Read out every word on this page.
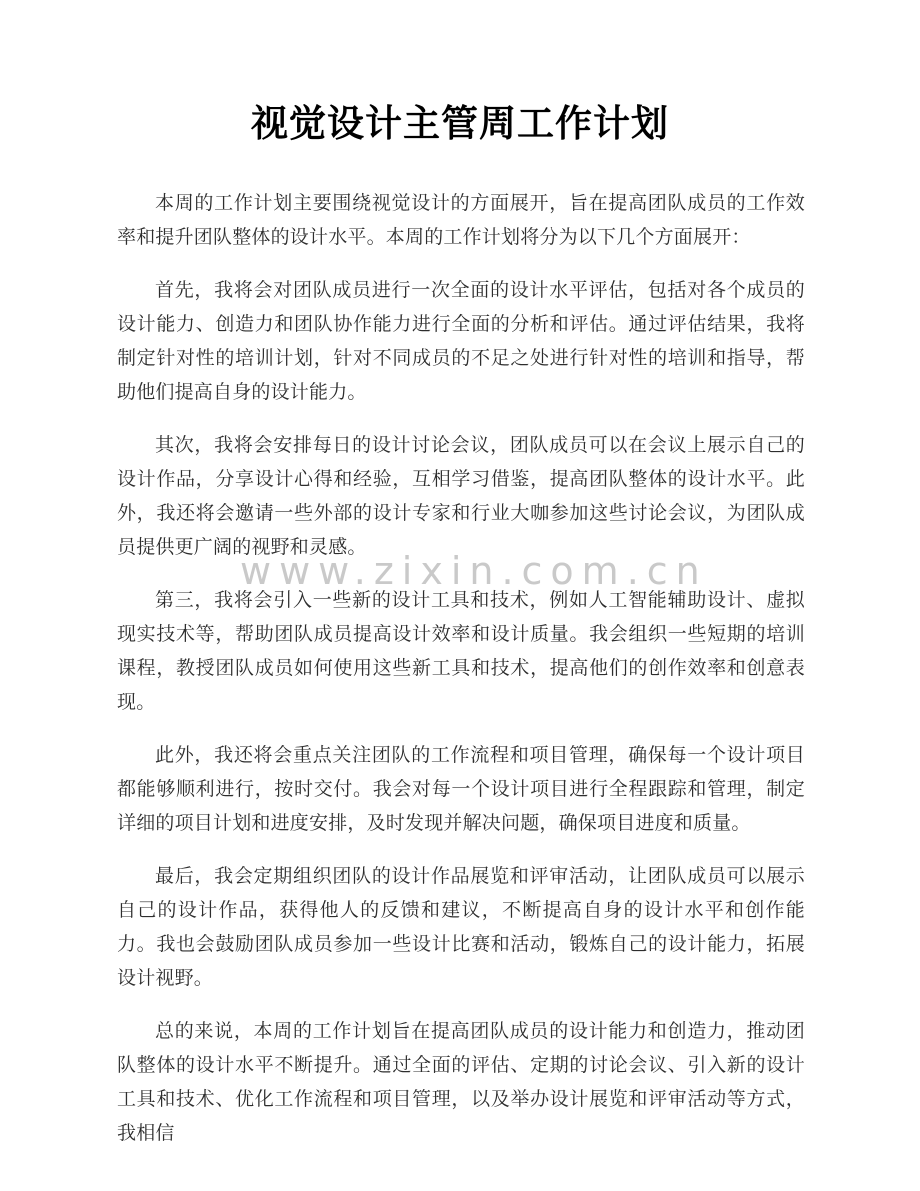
视觉设计主管周工作计划
www.zixin.com.cn

本周的工作计划主要围绕视觉设计的方面展开，旨在提高团队成员的工作效率和提升团队整体的设计水平。本周的工作计划将分为以下几个方面展开：

首先，我将会对团队成员进行一次全面的设计水平评估，包括对各个成员的设计能力、创造力和团队协作能力进行全面的分析和评估。通过评估结果，我将制定针对性的培训计划，针对不同成员的不足之处进行针对性的培训和指导，帮助他们提高自身的设计能力。

其次，我将会安排每日的设计讨论会议，团队成员可以在会议上展示自己的设计作品，分享设计心得和经验，互相学习借鉴，提高团队整体的设计水平。此外，我还将会邀请一些外部的设计专家和行业大咖参加这些讨论会议，为团队成员提供更广阔的视野和灵感。

第三，我将会引入一些新的设计工具和技术，例如人工智能辅助设计、虚拟现实技术等，帮助团队成员提高设计效率和设计质量。我会组织一些短期的培训课程，教授团队成员如何使用这些新工具和技术，提高他们的创作效率和创意表现。

此外，我还将会重点关注团队的工作流程和项目管理，确保每一个设计项目都能够顺利进行，按时交付。我会对每一个设计项目进行全程跟踪和管理，制定详细的项目计划和进度安排，及时发现并解决问题，确保项目进度和质量。

最后，我会定期组织团队的设计作品展览和评审活动，让团队成员可以展示自己的设计作品，获得他人的反馈和建议，不断提高自身的设计水平和创作能力。我也会鼓励团队成员参加一些设计比赛和活动，锻炼自己的设计能力，拓展设计视野。

总的来说，本周的工作计划旨在提高团队成员的设计能力和创造力，推动团队整体的设计水平不断提升。通过全面的评估、定期的讨论会议、引入新的设计工具和技术、优化工作流程和项目管理，以及举办设计展览和评审活动等方式，我相信
